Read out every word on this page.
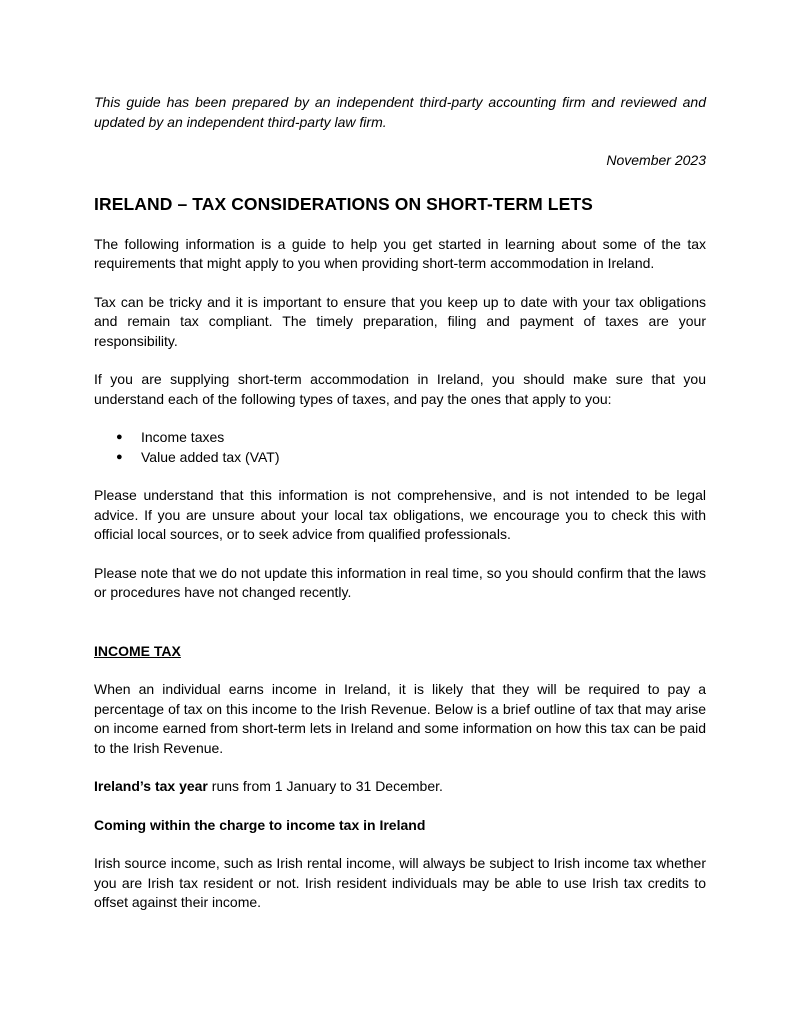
This guide has been prepared by an independent third-party accounting firm and reviewed and updated by an independent third-party law firm.

November 2023

IRELAND – TAX CONSIDERATIONS ON SHORT-TERM LETS

The following information is a guide to help you get started in learning about some of the tax requirements that might apply to you when providing short-term accommodation in Ireland.

Tax can be tricky and it is important to ensure that you keep up to date with your tax obligations and remain tax compliant. The timely preparation, filing and payment of taxes are your responsibility.

If you are supplying short-term accommodation in Ireland, you should make sure that you understand each of the following types of taxes, and pay the ones that apply to you:

● Income taxes
● Value added tax (VAT)

Please understand that this information is not comprehensive, and is not intended to be legal advice. If you are unsure about your local tax obligations, we encourage you to check this with official local sources, or to seek advice from qualified professionals.

Please note that we do not update this information in real time, so you should confirm that the laws or procedures have not changed recently.

INCOME TAX

When an individual earns income in Ireland, it is likely that they will be required to pay a percentage of tax on this income to the Irish Revenue. Below is a brief outline of tax that may arise on income earned from short-term lets in Ireland and some information on how this tax can be paid to the Irish Revenue.

Ireland’s tax year runs from 1 January to 31 December.

Coming within the charge to income tax in Ireland

Irish source income, such as Irish rental income, will always be subject to Irish income tax whether you are Irish tax resident or not. Irish resident individuals may be able to use Irish tax credits to offset against their income.
